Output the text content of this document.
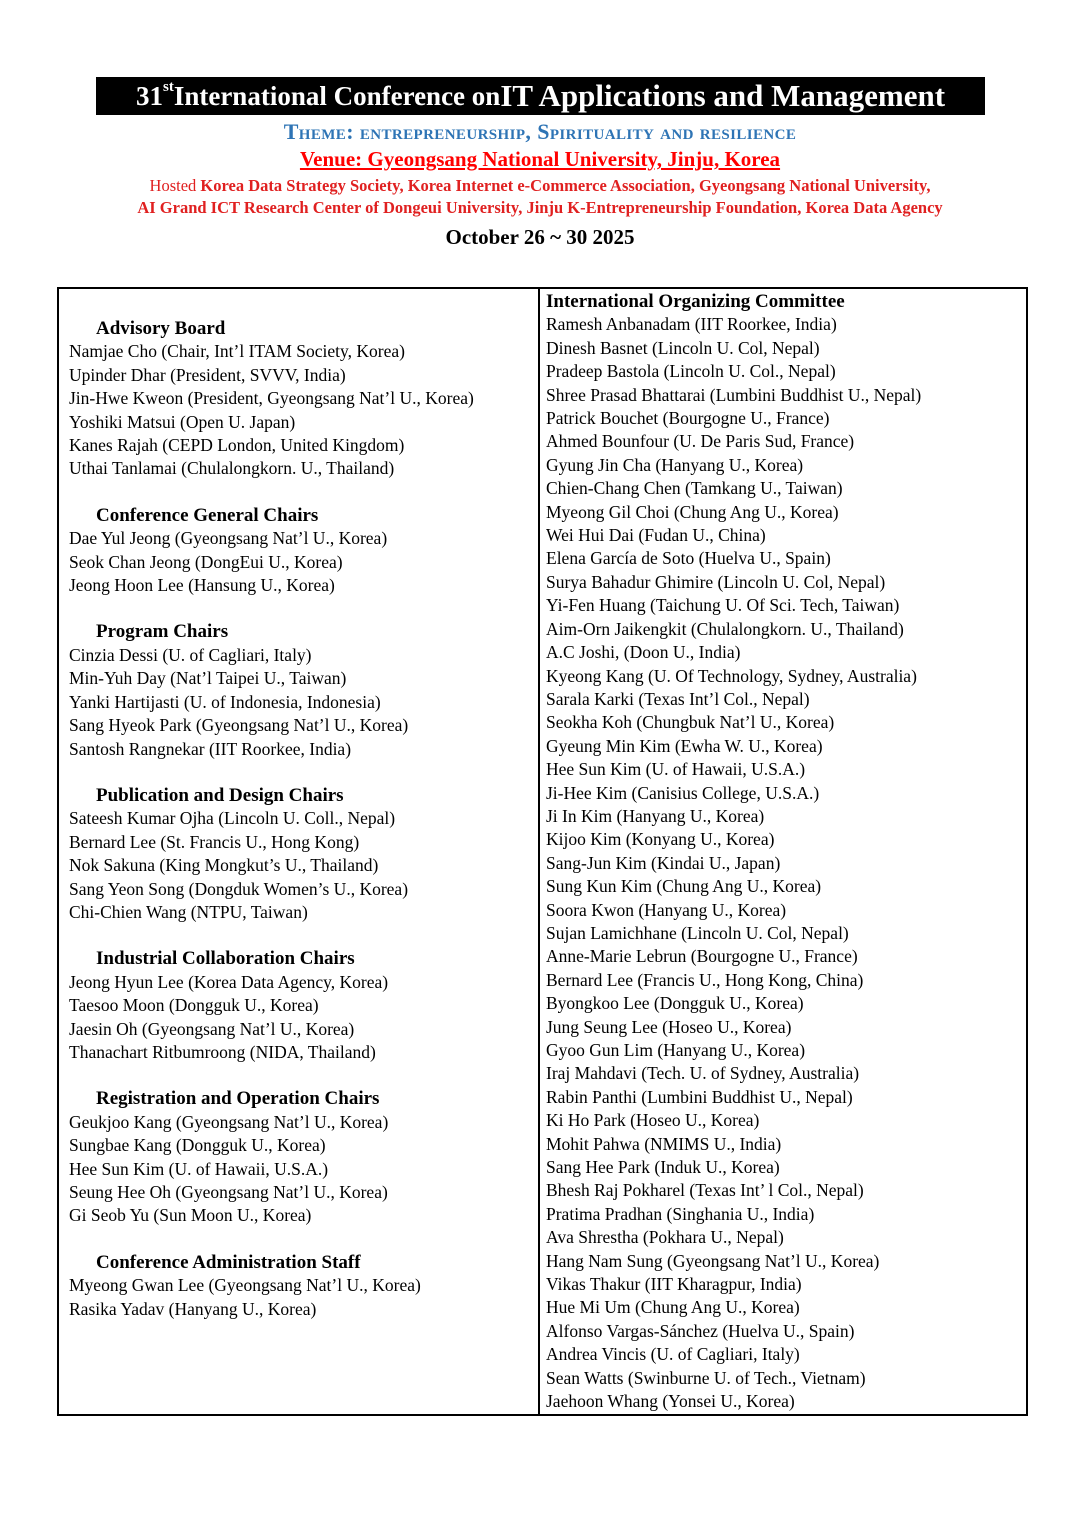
31 st International Conference on IT Applications and Management
Theme: entrepreneurship, Spirituality and resilience
Venue: Gyeongsang National University, Jinju, Korea
Hosted Korea Data Strategy Society, Korea Internet e-Commerce Association, Gyeongsang National University,
AI Grand ICT Research Center of Dongeui University, Jinju K-Entrepreneurship Foundation, Korea Data Agency
October 26 ~ 30 2025
Advisory Board
Namjae Cho (Chair, Int’l ITAM Society, Korea)
Upinder Dhar (President, SVVV, India)
Jin-Hwe Kweon (President, Gyeongsang Nat’l U., Korea)
Yoshiki Matsui (Open U. Japan)
Kanes Rajah (CEPD London, United Kingdom)
Uthai Tanlamai (Chulalongkorn. U., Thailand)
Conference General Chairs
Dae Yul Jeong (Gyeongsang Nat’l U., Korea)
Seok Chan Jeong (DongEui U., Korea)
Jeong Hoon Lee (Hansung U., Korea)
Program Chairs
Cinzia Dessi (U. of Cagliari, Italy)
Min-Yuh Day (Nat’l Taipei U., Taiwan)
Yanki Hartijasti (U. of Indonesia, Indonesia)
Sang Hyeok Park (Gyeongsang Nat’l U., Korea)
Santosh Rangnekar (IIT Roorkee, India)
Publication and Design Chairs
Sateesh Kumar Ojha (Lincoln U. Coll., Nepal)
Bernard Lee (St. Francis U., Hong Kong)
Nok Sakuna (King Mongkut’s U., Thailand)
Sang Yeon Song (Dongduk Women’s U., Korea)
Chi-Chien Wang (NTPU, Taiwan)
Industrial Collaboration Chairs
Jeong Hyun Lee (Korea Data Agency, Korea)
Taesoo Moon (Dongguk U., Korea)
Jaesin Oh (Gyeongsang Nat’l U., Korea)
Thanachart Ritbumroong (NIDA, Thailand)
Registration and Operation Chairs
Geukjoo Kang (Gyeongsang Nat’l U., Korea)
Sungbae Kang (Dongguk U., Korea)
Hee Sun Kim (U. of Hawaii, U.S.A.)
Seung Hee Oh (Gyeongsang Nat’l U., Korea)
Gi Seob Yu (Sun Moon U., Korea)
Conference Administration Staff
Myeong Gwan Lee (Gyeongsang Nat’l U., Korea)
Rasika Yadav (Hanyang U., Korea)
International Organizing Committee
Ramesh Anbanadam (IIT Roorkee, India)
Dinesh Basnet (Lincoln U. Col, Nepal)
Pradeep Bastola (Lincoln U. Col., Nepal)
Shree Prasad Bhattarai (Lumbini Buddhist U., Nepal)
Patrick Bouchet (Bourgogne U., France)
Ahmed Bounfour (U. De Paris Sud, France)
Gyung Jin Cha (Hanyang U., Korea)
Chien-Chang Chen (Tamkang U., Taiwan)
Myeong Gil Choi (Chung Ang U., Korea)
Wei Hui Dai (Fudan U., China)
Elena García de Soto (Huelva U., Spain)
Surya Bahadur Ghimire (Lincoln U. Col, Nepal)
Yi-Fen Huang (Taichung U. Of Sci. Tech, Taiwan)
Aim-Orn Jaikengkit (Chulalongkorn. U., Thailand)
A.C Joshi, (Doon U., India)
Kyeong Kang (U. Of Technology, Sydney, Australia)
Sarala Karki (Texas Int’l Col., Nepal)
Seokha Koh (Chungbuk Nat’l U., Korea)
Gyeung Min Kim (Ewha W. U., Korea)
Hee Sun Kim (U. of Hawaii, U.S.A.)
Ji-Hee Kim (Canisius College, U.S.A.)
Ji In Kim (Hanyang U., Korea)
Kijoo Kim (Konyang U., Korea)
Sang-Jun Kim (Kindai U., Japan)
Sung Kun Kim (Chung Ang U., Korea)
Soora Kwon (Hanyang U., Korea)
Sujan Lamichhane (Lincoln U. Col, Nepal)
Anne-Marie Lebrun (Bourgogne U., France)
Bernard Lee (Francis U., Hong Kong, China)
Byongkoo Lee (Dongguk U., Korea)
Jung Seung Lee (Hoseo U., Korea)
Gyoo Gun Lim (Hanyang U., Korea)
Iraj Mahdavi (Tech. U. of Sydney, Australia)
Rabin Panthi (Lumbini Buddhist U., Nepal)
Ki Ho Park (Hoseo U., Korea)
Mohit Pahwa (NMIMS U., India)
Sang Hee Park (Induk U., Korea)
Bhesh Raj Pokharel (Texas Int’ l Col., Nepal)
Pratima Pradhan (Singhania U., India)
Ava Shrestha (Pokhara U., Nepal)
Hang Nam Sung (Gyeongsang Nat’l U., Korea)
Vikas Thakur (IIT Kharagpur, India)
Hue Mi Um (Chung Ang U., Korea)
Alfonso Vargas-Sánchez (Huelva U., Spain)
Andrea Vincis (U. of Cagliari, Italy)
Sean Watts (Swinburne U. of Tech., Vietnam)
Jaehoon Whang (Yonsei U., Korea)
